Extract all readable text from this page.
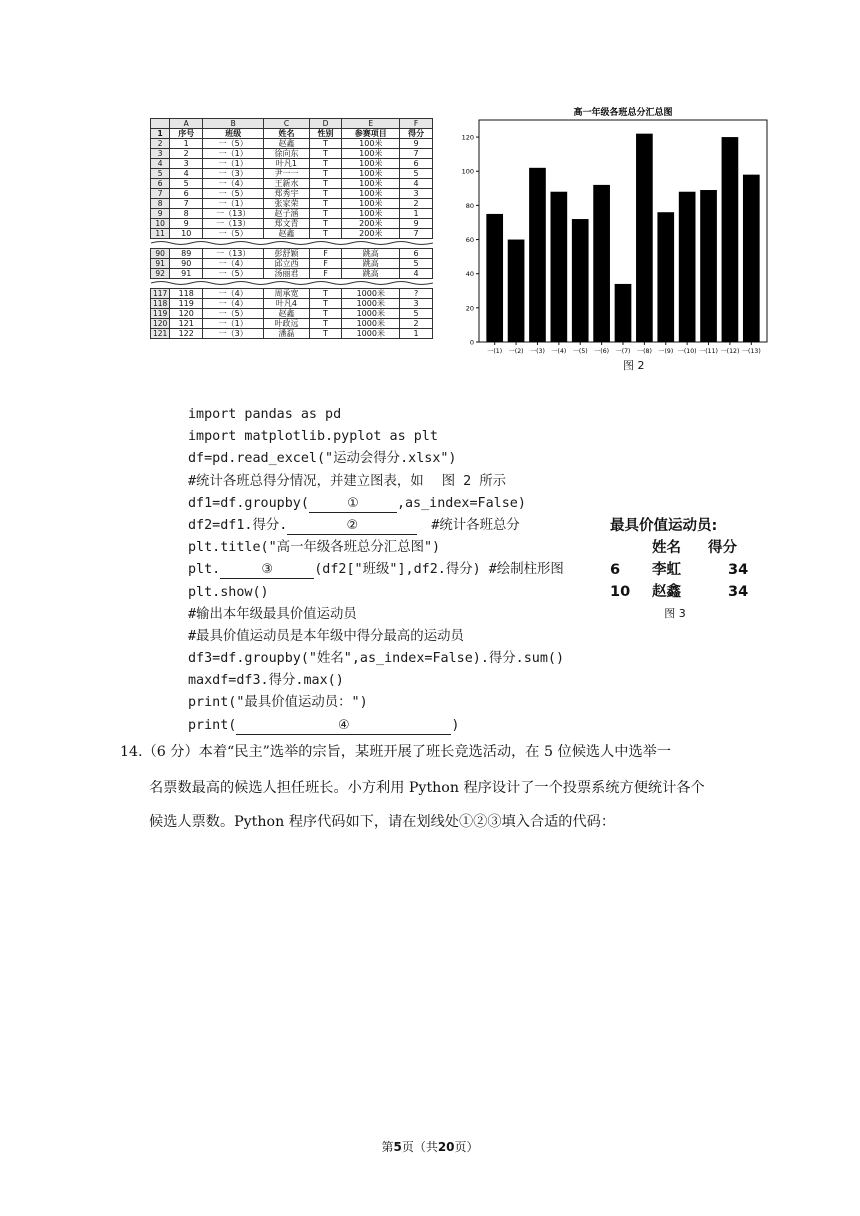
	A	B	C	D	E	F
1	序号	班级	姓名	性别	参赛项目	得分
2	1	一（5）	赵鑫	T	100米	9
3	2	一（1）	徐向东	T	100米	7
4	3	一（1）	叶凡1	T	100米	6
5	4	一（3）	尹一一	T	100米	5
6	5	一（4）	王新水	T	100米	4
7	6	一（5）	郑秀宇	T	100米	3
8	7	一（1）	张家荣	T	100米	2
9	8	一（13）	赵子涵	T	100米	1
10	9	一（13）	郑文青	T	200米	9
11	10	一（5）	赵鑫	T	200米	7

90	89	一（13）	彭舒颖	F	跳高	6
91	90	一（4）	邱立西	F	跳高	5
92	91	一（5）	汤丽君	F	跳高	4

117	118	一（4）	周承宽	T	1000米	?
118	119	一（4）	叶凡4	T	1000米	3
119	120	一（5）	赵鑫	T	1000米	5
120	121	一（1）	叶政远	T	1000米	2
121	122	一（3）	潘磊	T	1000米	1
高一年级各班总分汇总图
0
20
40
60
80
100
120
一(1) 一(2) 一(3) 一(4) 一(5) 一(6) 一(7) 一(8) 一(9) 一(10) 一(11) 一(12) 一(13)
图 2
import pandas as pd
import matplotlib.pyplot as plt
df=pd.read_excel("运动会得分.xlsx")
#统计各班总得分情况，并建立图表，如 图 2 所示
df1=df.groupby(	①	,as_index=False)
df2=df1.得分.	②	#统计各班总分
plt.title("高一年级各班总分汇总图")
plt.	③	(df2["班级"],df2.得分) #绘制柱形图
plt.show()
#输出本年级最具价值运动员
#最具价值运动员是本年级中得分最高的运动员
df3=df.groupby("姓名",as_index=False).得分.sum()
maxdf=df3.得分.max()
print("最具价值运动员：")
print(	④	)
最具价值运动员:
姓名 得分
6 李虹	34
10 赵鑫	34
图 3
14.（6 分）本着“民主”选举的宗旨，某班开展了班长竞选活动，在 5 位候选人中选举一
名票数最高的候选人担任班长。小方利用 Python 程序设计了一个投票系统方便统计各个
候选人票数。Python 程序代码如下，请在划线处①②③填入合适的代码：
第5页（共20页）
